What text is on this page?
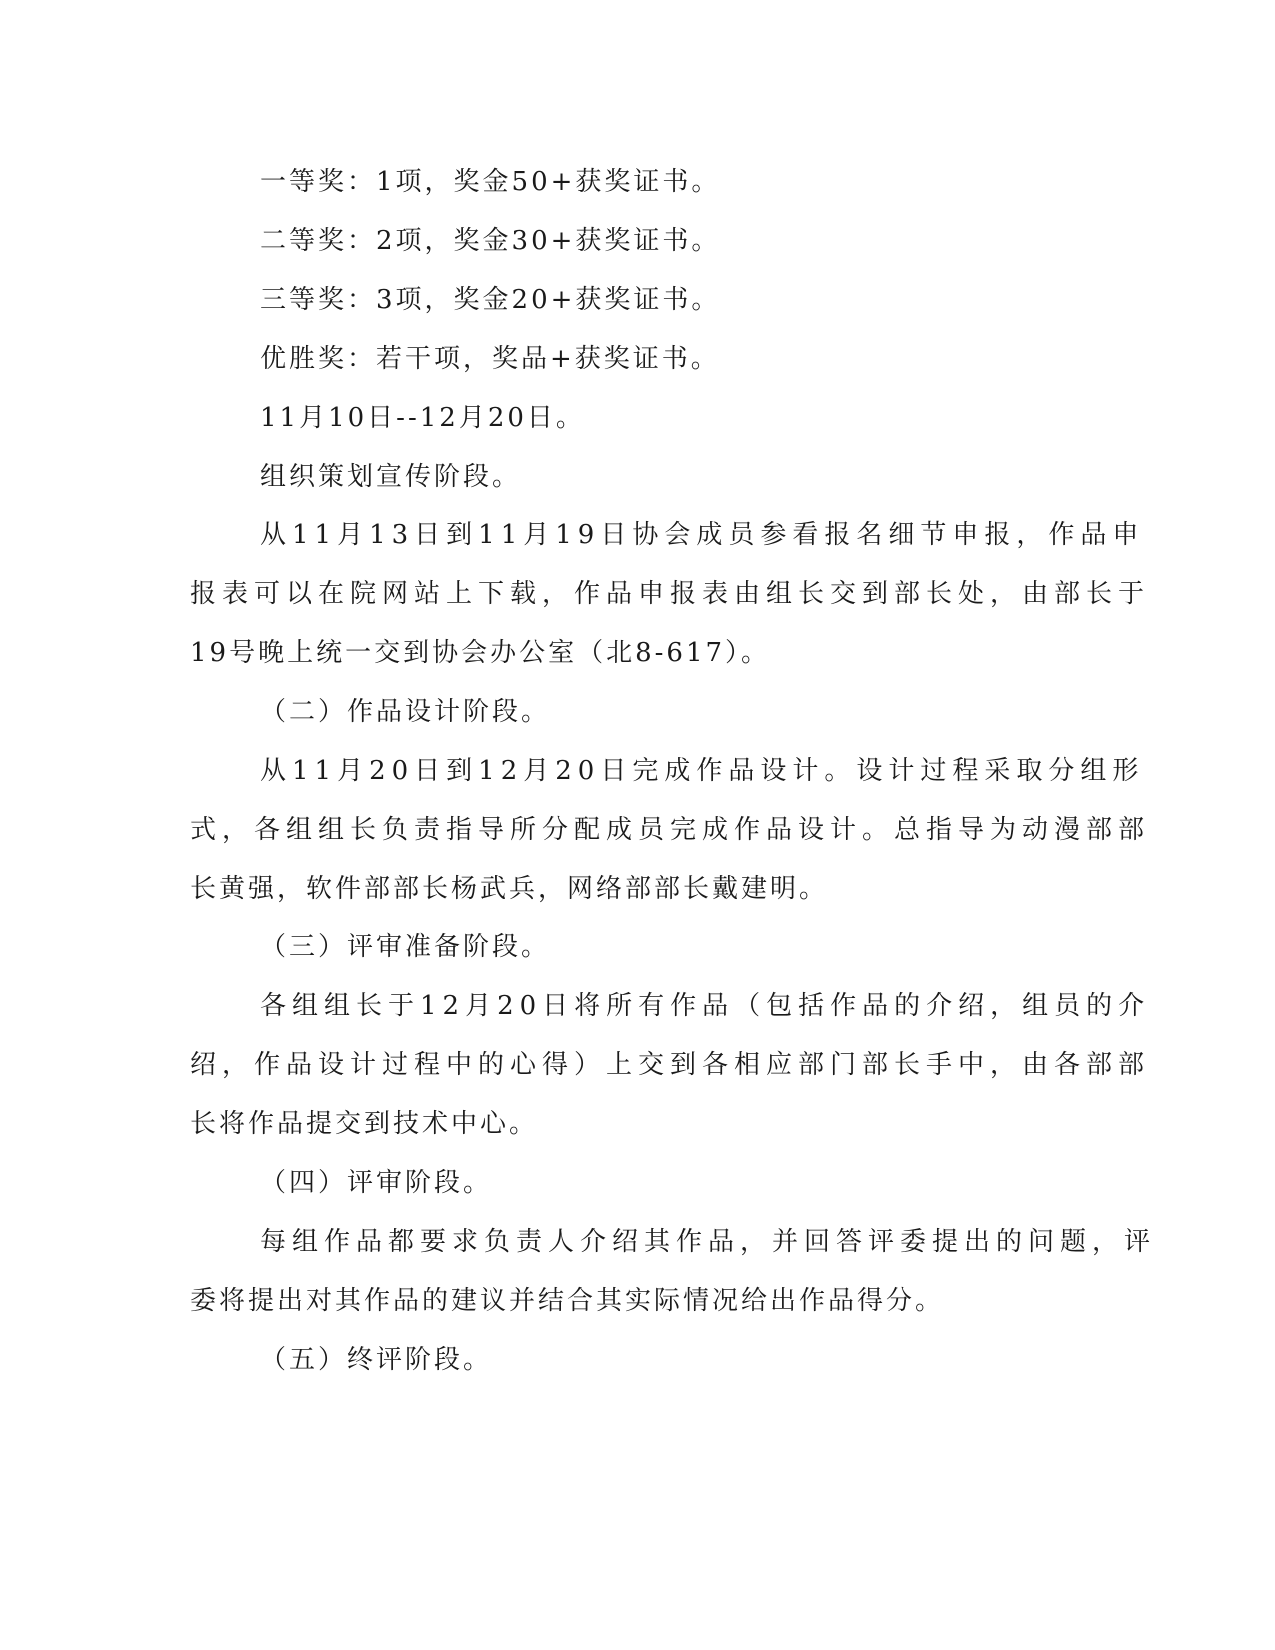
一等奖：1项，奖金50+获奖证书。

二等奖：2项，奖金30+获奖证书。

三等奖：3项，奖金20+获奖证书。

优胜奖：若干项，奖品+获奖证书。

11月10日--12月20日。

组织策划宣传阶段。

从11月13日到11月19日协会成员参看报名细节申报，作品申

报表可以在院网站上下载，作品申报表由组长交到部长处，由部长于

19号晚上统一交到协会办公室（北8-617）。

（二）作品设计阶段。

从11月20日到12月20日完成作品设计。设计过程采取分组形

式，各组组长负责指导所分配成员完成作品设计。总指导为动漫部部

长黄强，软件部部长杨武兵，网络部部长戴建明。

（三）评审准备阶段。

各组组长于12月20日将所有作品（包括作品的介绍，组员的介

绍，作品设计过程中的心得）上交到各相应部门部长手中，由各部部

长将作品提交到技术中心。

（四）评审阶段。

每组作品都要求负责人介绍其作品，并回答评委提出的问题，评

委将提出对其作品的建议并结合其实际情况给出作品得分。

（五）终评阶段。
